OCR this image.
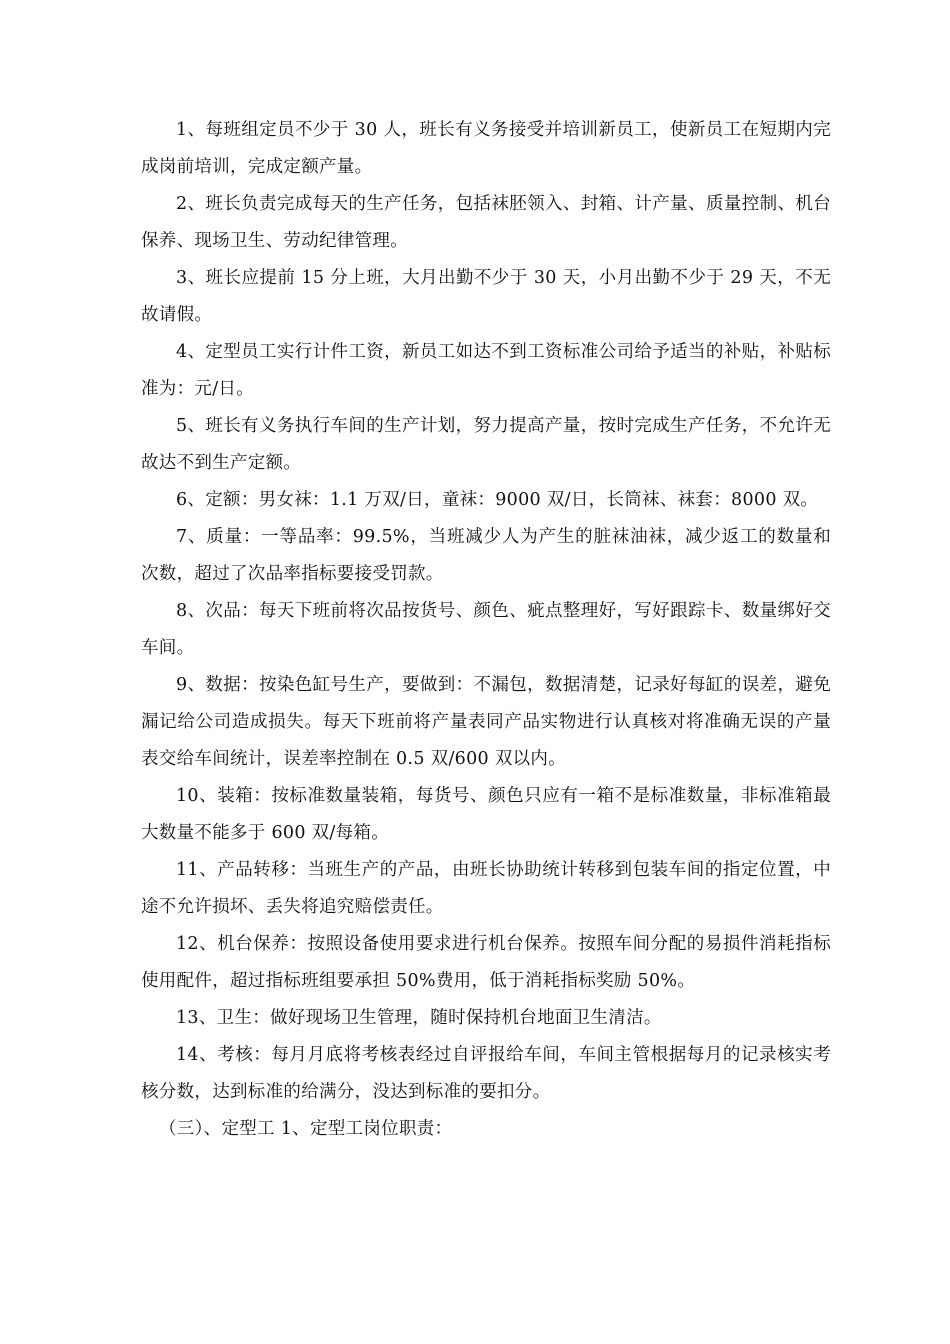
1、每班组定员不少于 30 人，班长有义务接受并培训新员工，使新员工在短期内完成岗前培训，完成定额产量。

2、班长负责完成每天的生产任务，包括袜胚领入、封箱、计产量、质量控制、机台保养、现场卫生、劳动纪律管理。

3、班长应提前 15 分上班，大月出勤不少于 30 天，小月出勤不少于 29 天，不无故请假。

4、定型员工实行计件工资，新员工如达不到工资标准公司给予适当的补贴，补贴标准为：元/日。

5、班长有义务执行车间的生产计划，努力提高产量，按时完成生产任务，不允许无故达不到生产定额。

6、定额：男女袜：1.1 万双/日，童袜：9000 双/日，长筒袜、袜套：8000 双。

7、质量：一等品率：99.5%，当班减少人为产生的脏袜油袜，减少返工的数量和次数，超过了次品率指标要接受罚款。

8、次品：每天下班前将次品按货号、颜色、疵点整理好，写好跟踪卡、数量绑好交车间。

9、数据：按染色缸号生产，要做到：不漏包，数据清楚，记录好每缸的误差，避免漏记给公司造成损失。每天下班前将产量表同产品实物进行认真核对将准确无误的产量表交给车间统计，误差率控制在 0.5 双/600 双以内。

10、装箱：按标准数量装箱，每货号、颜色只应有一箱不是标准数量，非标准箱最大数量不能多于 600 双/每箱。

11、产品转移：当班生产的产品，由班长协助统计转移到包装车间的指定位置，中途不允许损坏、丢失将追究赔偿责任。

12、机台保养：按照设备使用要求进行机台保养。按照车间分配的易损件消耗指标使用配件，超过指标班组要承担 50%费用，低于消耗指标奖励 50%。

13、卫生：做好现场卫生管理，随时保持机台地面卫生清洁。

14、考核：每月月底将考核表经过自评报给车间，车间主管根据每月的记录核实考核分数，达到标准的给满分，没达到标准的要扣分。

（三）、定型工 1、定型工岗位职责：
